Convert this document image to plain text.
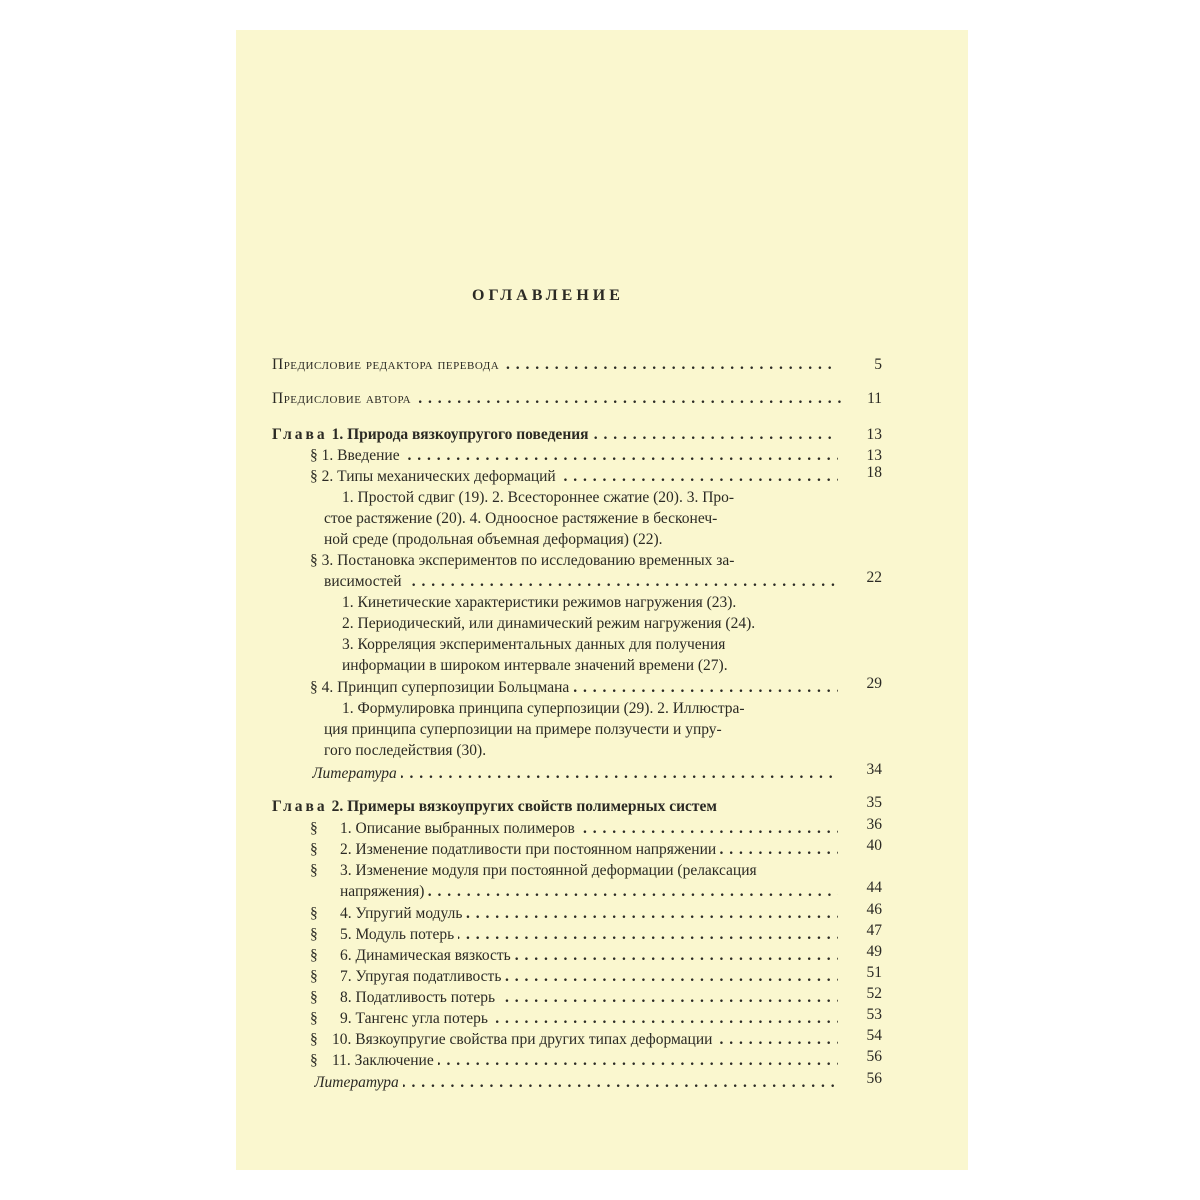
ОГЛАВЛЕНИЕ
Предисловие редактора перевода . . .	5
Предисловие автора . . .	11
Глава 1. Природа вязкоупругого поведения . . .	13
§ 1. Введение . . .	13
§ 2. Типы механических деформаций . . .	18
1. Простой сдвиг (19). 2. Всестороннее сжатие (20). 3. Про-
стое растяжение (20). 4. Одноосное растяжение в бесконеч-
ной среде (продольная объемная деформация) (22).
§ 3. Постановка экспериментов по исследованию временных за-
висимостей . . .	22
1. Кинетические характеристики режимов нагружения (23).
2. Периодический, или динамический режим нагружения (24).
3. Корреляция экспериментальных данных для получения
информации в широком интервале значений времени (27).
§ 4. Принцип суперпозиции Больцмана . . .	29
1. Формулировка принципа суперпозиции (29). 2. Иллюстра-
ция принципа суперпозиции на примере ползучести и упру-
гого последействия (30).
Литература . . .	34
Глава 2. Примеры вязкоупругих свойств полимерных систем	35
§ 1. Описание выбранных полимеров . . .	36
§ 2. Изменение податливости при постоянном напряжении . . .	40
§ 3. Изменение модуля при постоянной деформации (релаксация
напряжения) . . .	44
§ 4. Упругий модуль . . .	46
§ 5. Модуль потерь . . .	47
§ 6. Динамическая вязкость . . .	49
§ 7. Упругая податливость . . .	51
§ 8. Податливость потерь . . .	52
§ 9. Тангенс угла потерь . . .	53
§ 10. Вязкоупругие свойства при других типах деформации . . .	54
§ 11. Заключение . . .	56
Литература . . .	56
